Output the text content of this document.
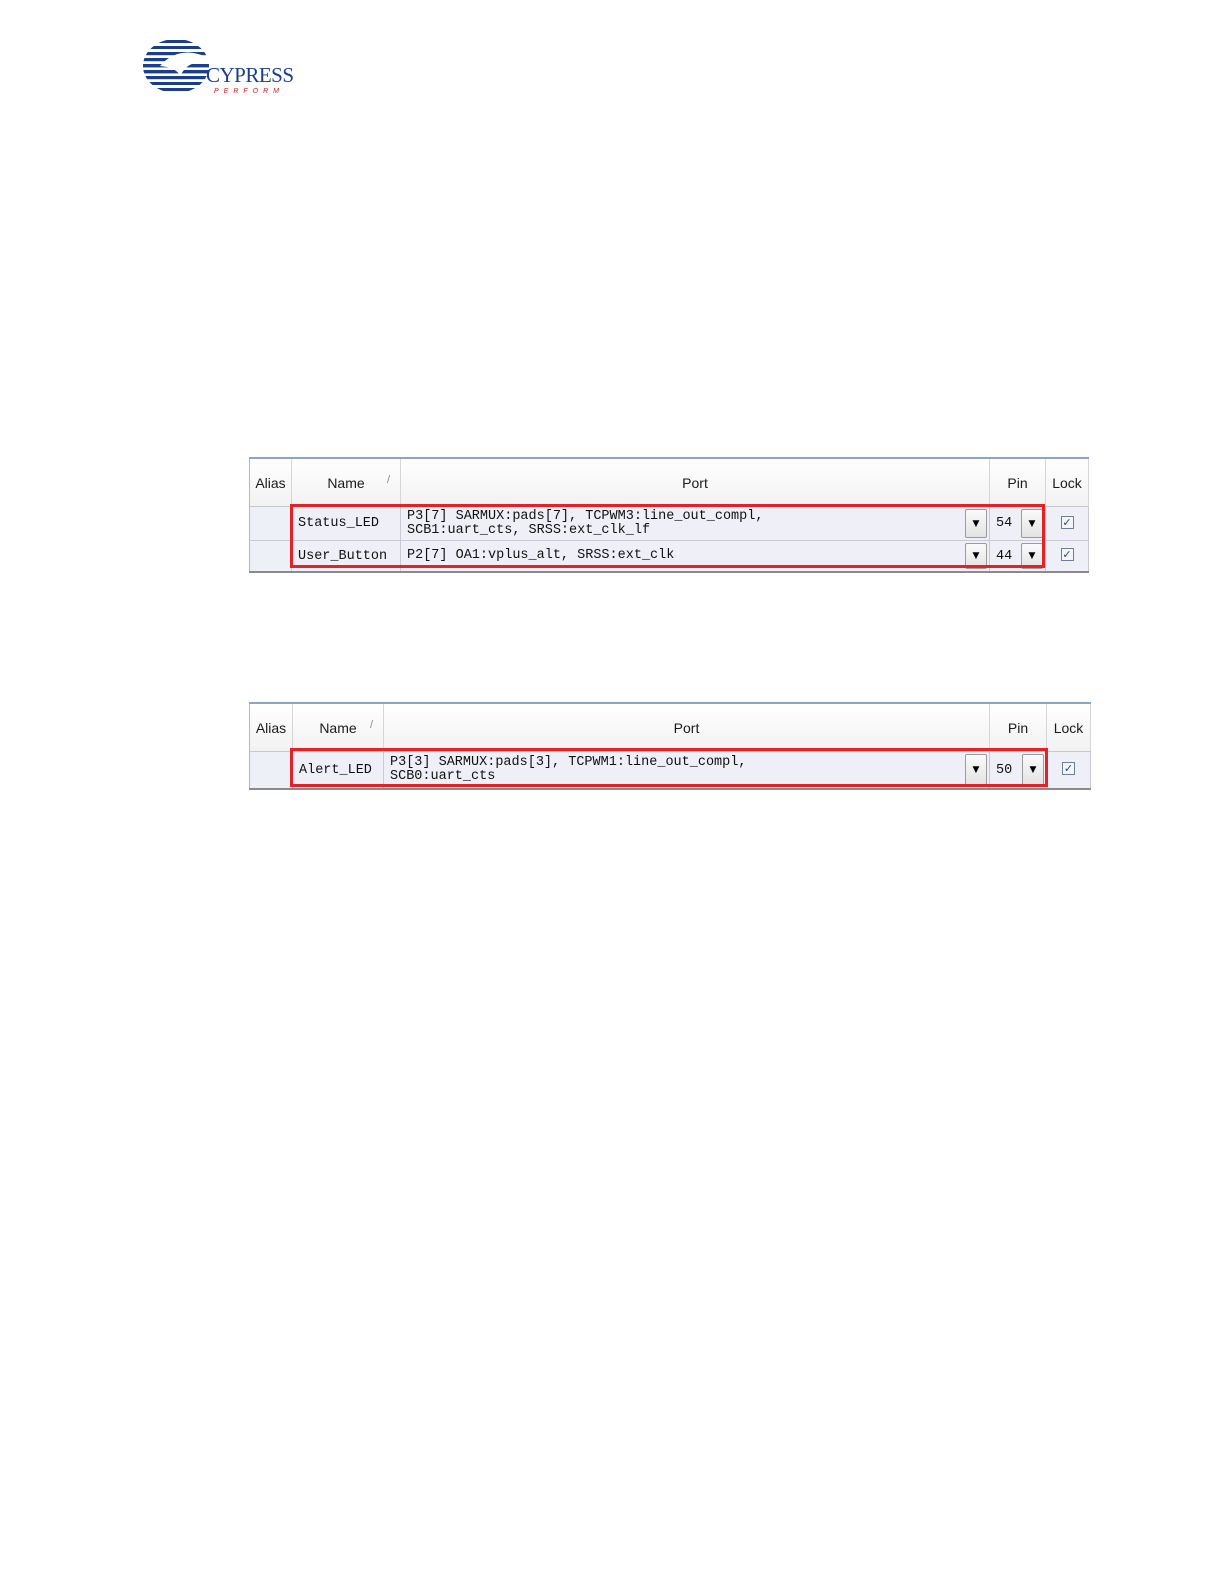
CYPRESS
PERFORM
Alias	Name /	Port	Pin	Lock
	Status_LED	P3[7] SARMUX:pads[7], TCPWM3:line_out_compl,
SCB1:uart_cts, SRSS:ext_clk_lf ▼	54 ▼	✓

	User_Button	P2[7] OA1:vplus_alt, SRSS:ext_clk ▼	44 ▼	✓
Alias	Name /	Port	Pin	Lock
	Alert_LED	P3[3] SARMUX:pads[3], TCPWM1:line_out_compl,
SCB0:uart_cts ▼	50 ▼	✓
